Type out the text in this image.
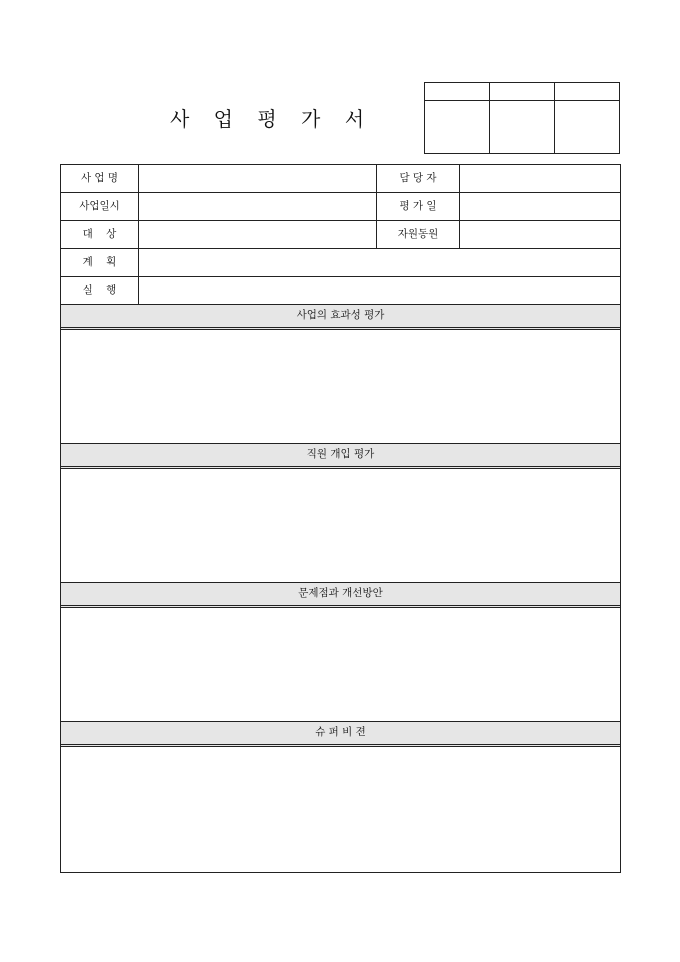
사 업 평 가 서
사 업 명	담 당 자
사업일시	평 가 일
대    상	자원동원
계    획
실    행
사업의 효과성 평가
직원 개입 평가
문제점과 개선방안
슈 퍼 비 젼
